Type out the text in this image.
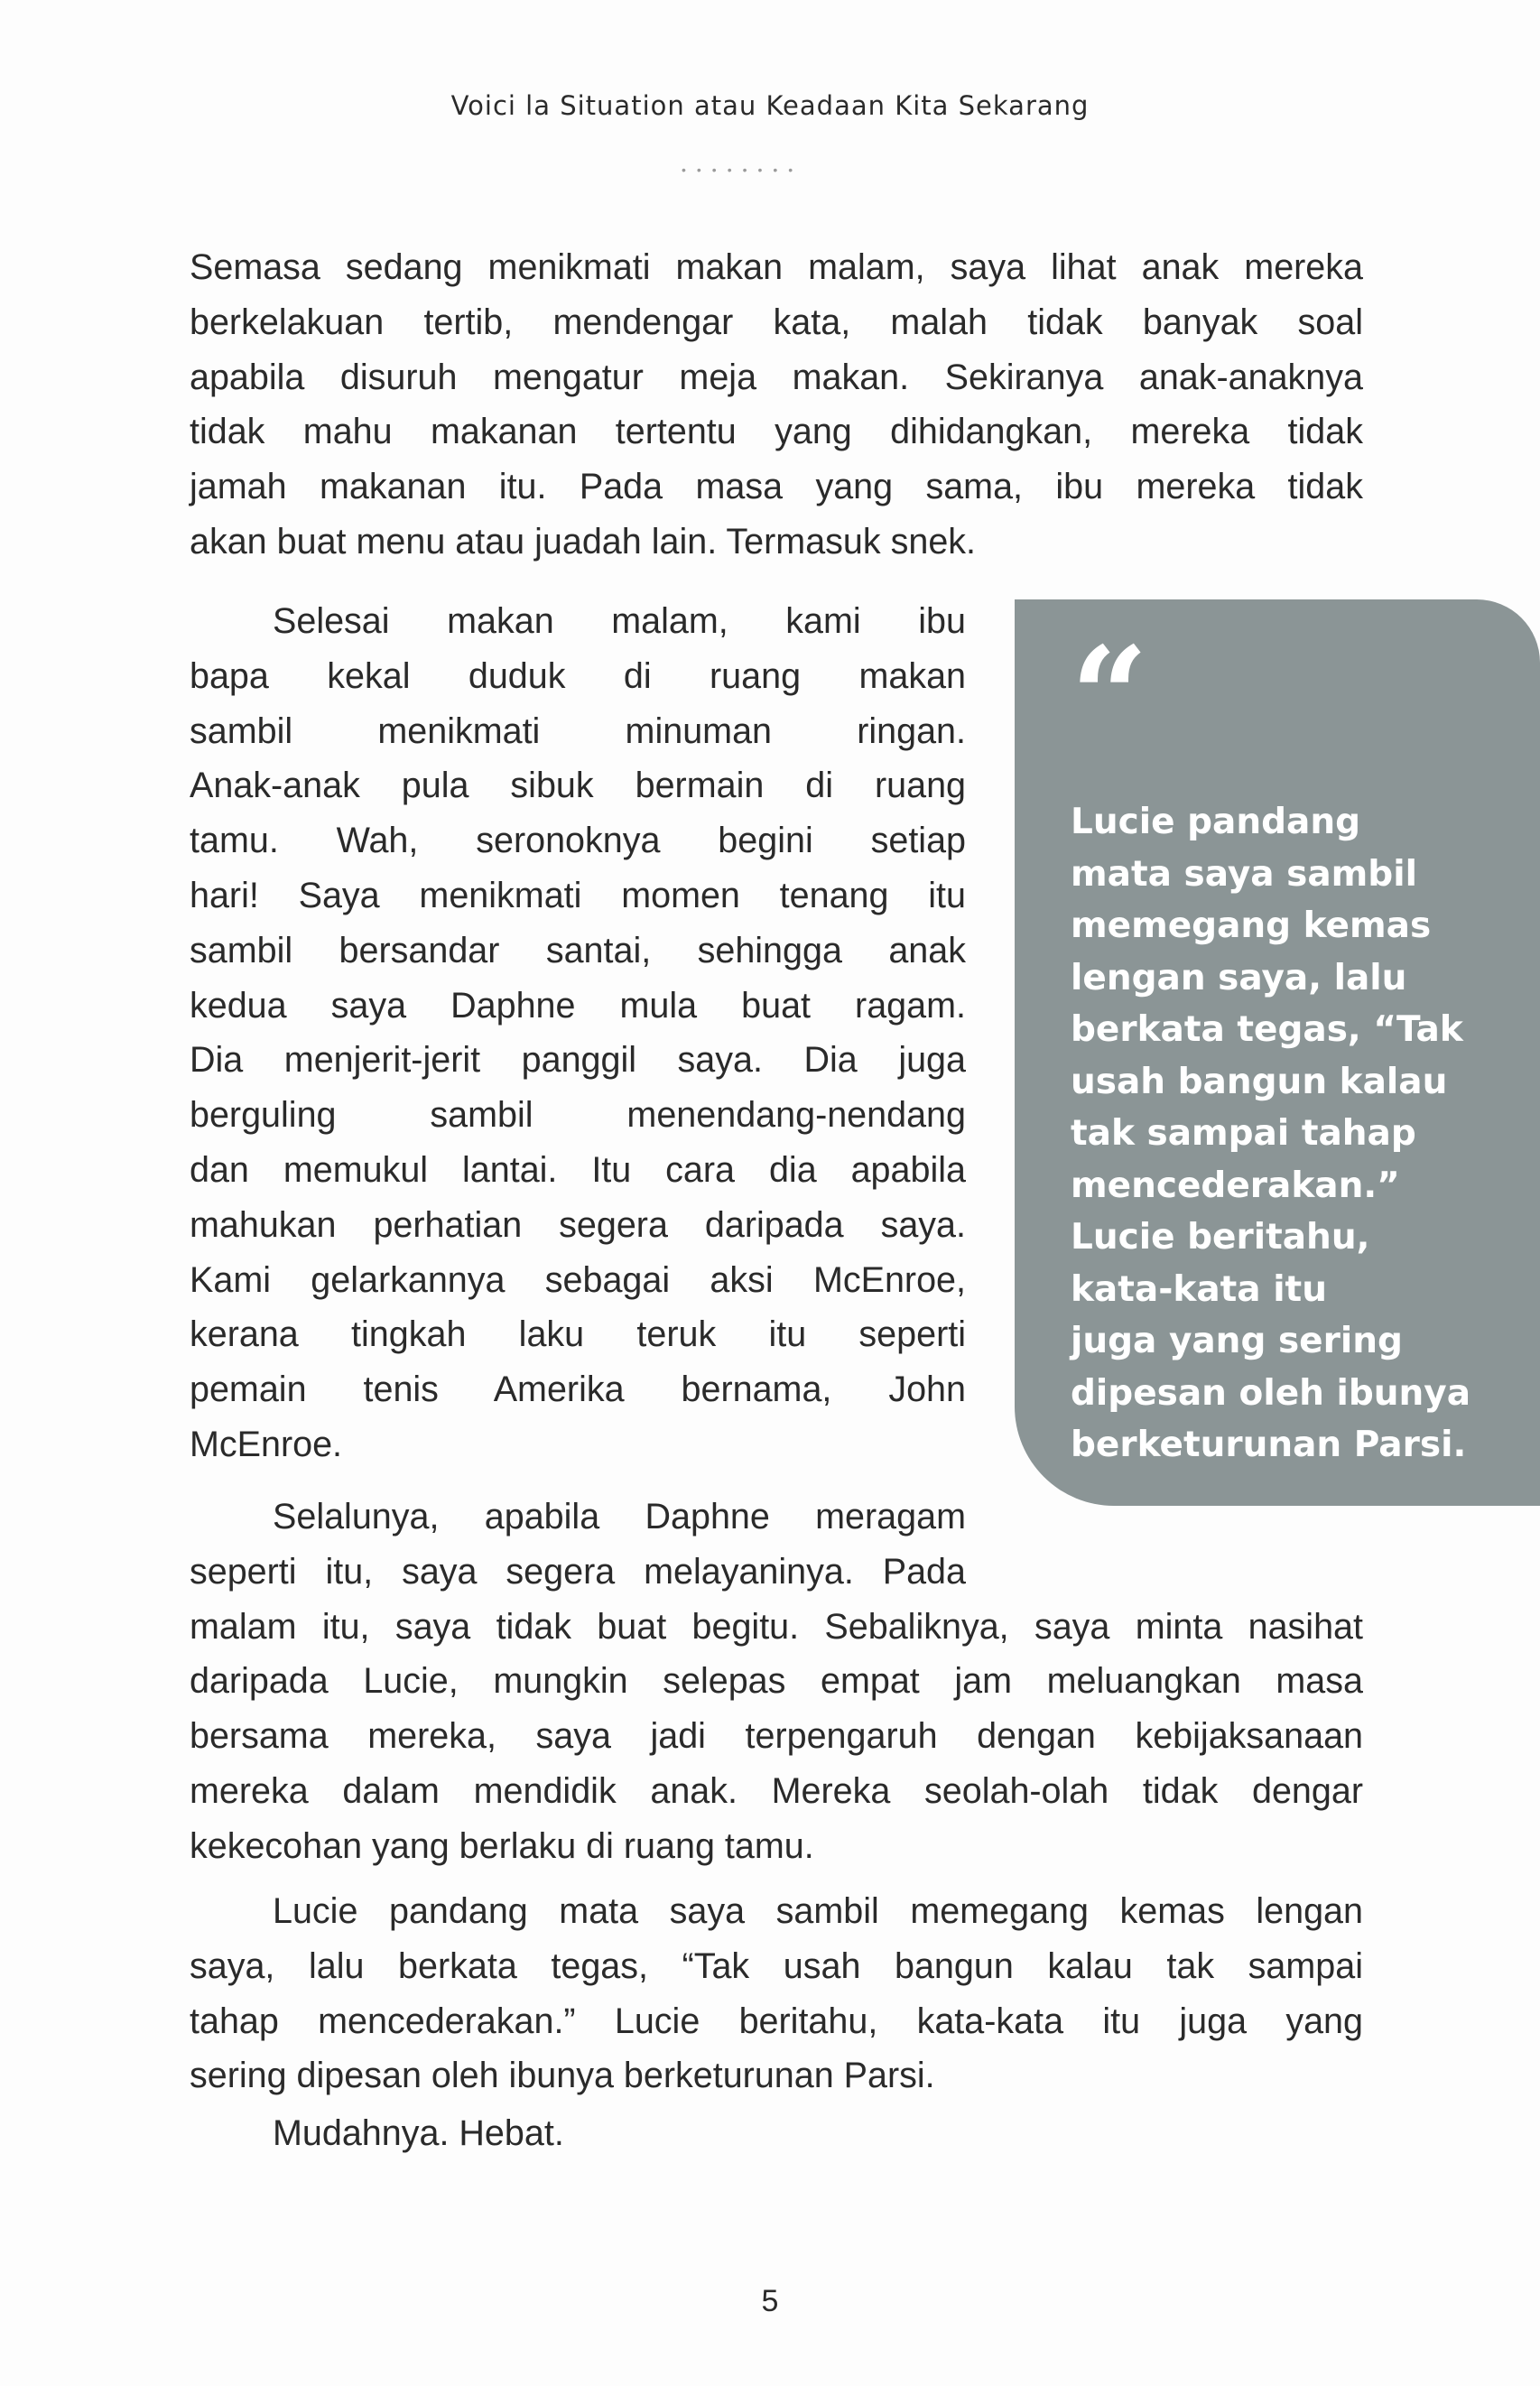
Voici la Situation atau Keadaan Kita Sekarang
••••••••
Semasa sedang menikmati makan malam, saya lihat anak mereka
berkelakuan tertib, mendengar kata, malah tidak banyak soal
apabila disuruh mengatur meja makan. Sekiranya anak-anaknya
tidak mahu makanan tertentu yang dihidangkan, mereka tidak
jamah makanan itu. Pada masa yang sama, ibu mereka tidak
akan buat menu atau juadah lain. Termasuk snek.
Selesai makan malam, kami ibu
bapa kekal duduk di ruang makan
sambil menikmati minuman ringan.
Anak-anak pula sibuk bermain di ruang
tamu. Wah, seronoknya begini setiap
hari! Saya menikmati momen tenang itu
sambil bersandar santai, sehingga anak
kedua saya Daphne mula buat ragam.
Dia menjerit-jerit panggil saya. Dia juga
berguling sambil menendang-nendang
dan memukul lantai. Itu cara dia apabila
mahukan perhatian segera daripada saya.
Kami gelarkannya sebagai aksi McEnroe,
kerana tingkah laku teruk itu seperti
pemain tenis Amerika bernama, John
McEnroe.
Selalunya, apabila Daphne meragam
seperti itu, saya segera melayaninya. Pada
malam itu, saya tidak buat begitu. Sebaliknya, saya minta nasihat
daripada Lucie, mungkin selepas empat jam meluangkan masa
bersama mereka, saya jadi terpengaruh dengan kebijaksanaan
mereka dalam mendidik anak. Mereka seolah-olah tidak dengar
kekecohan yang berlaku di ruang tamu.
Lucie pandang mata saya sambil memegang kemas lengan
saya, lalu berkata tegas, “Tak usah bangun kalau tak sampai
tahap mencederakan.” Lucie beritahu, kata-kata itu juga yang
sering dipesan oleh ibunya berketurunan Parsi.
Mudahnya. Hebat.
“
Lucie pandang
mata saya sambil
memegang kemas
lengan saya, lalu
berkata tegas, “Tak
usah bangun kalau
tak sampai tahap
mencederakan.”
Lucie beritahu,
kata-kata itu
juga yang sering
dipesan oleh ibunya
berketurunan Parsi.
5
